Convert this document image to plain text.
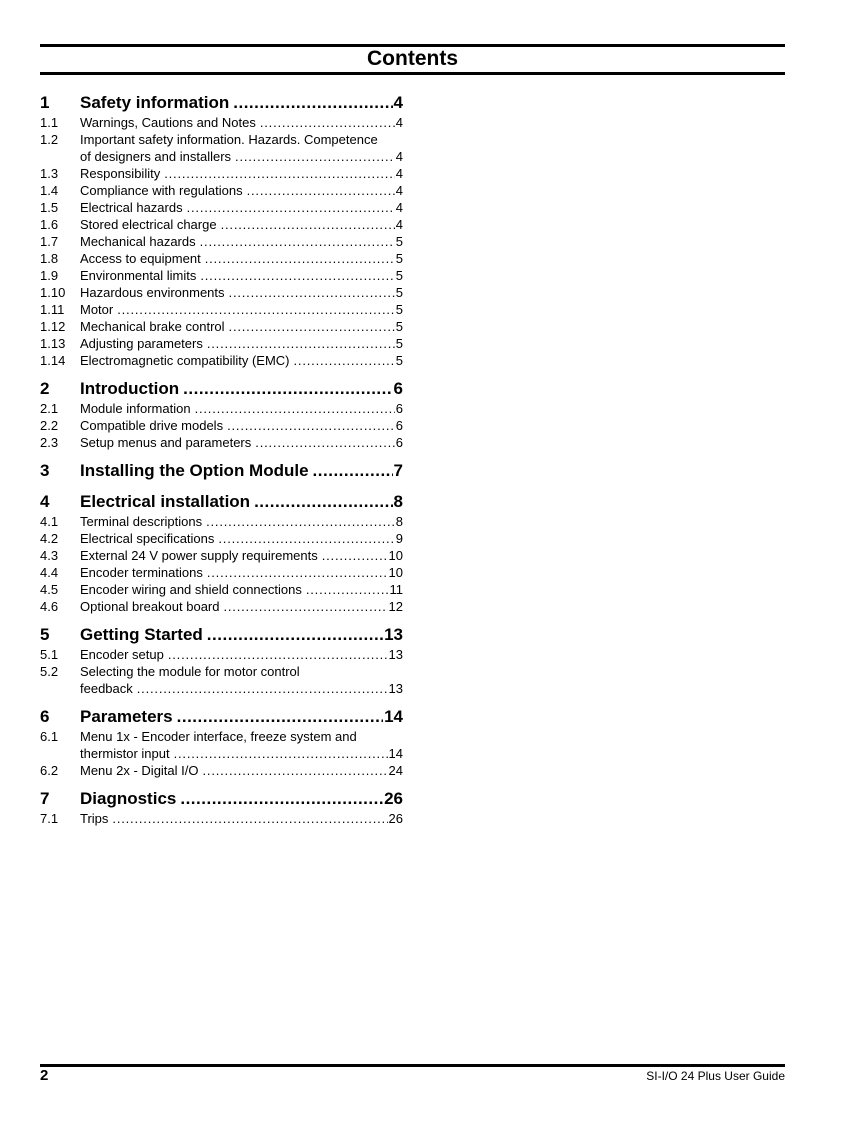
Contents
1 Safety information .....	4
1.1 Warnings, Cautions and Notes .....	4
1.2 Important safety information. Hazards. Competence
of designers and installers .....	4
1.3 Responsibility .....	4
1.4 Compliance with regulations .....	4
1.5 Electrical hazards .....	4
1.6 Stored electrical charge .....	4
1.7 Mechanical hazards .....	5
1.8 Access to equipment .....	5
1.9 Environmental limits .....	5
1.10 Hazardous environments .....	5
1.11 Motor .....	5
1.12 Mechanical brake control .....	5
1.13 Adjusting parameters .....	5
1.14 Electromagnetic compatibility (EMC) .....	5
2 Introduction .....	6
2.1 Module information .....	6
2.2 Compatible drive models .....	6
2.3 Setup menus and parameters .....	6
3 Installing the Option Module .....	7
4 Electrical installation .....	8
4.1 Terminal descriptions .....	8
4.2 Electrical specifications .....	9
4.3 External 24 V power supply requirements .....	10
4.4 Encoder terminations .....	10
4.5 Encoder wiring and shield connections .....	11
4.6 Optional breakout board .....	12
5 Getting Started .....	13
5.1 Encoder setup .....	13
5.2 Selecting the module for motor control
feedback .....	13
6 Parameters .....	14
6.1 Menu 1x - Encoder interface, freeze system and
thermistor input .....	14
6.2 Menu 2x - Digital I/O .....	24
7 Diagnostics .....	26
7.1 Trips .....	26
2	SI-I/O 24 Plus User Guide
